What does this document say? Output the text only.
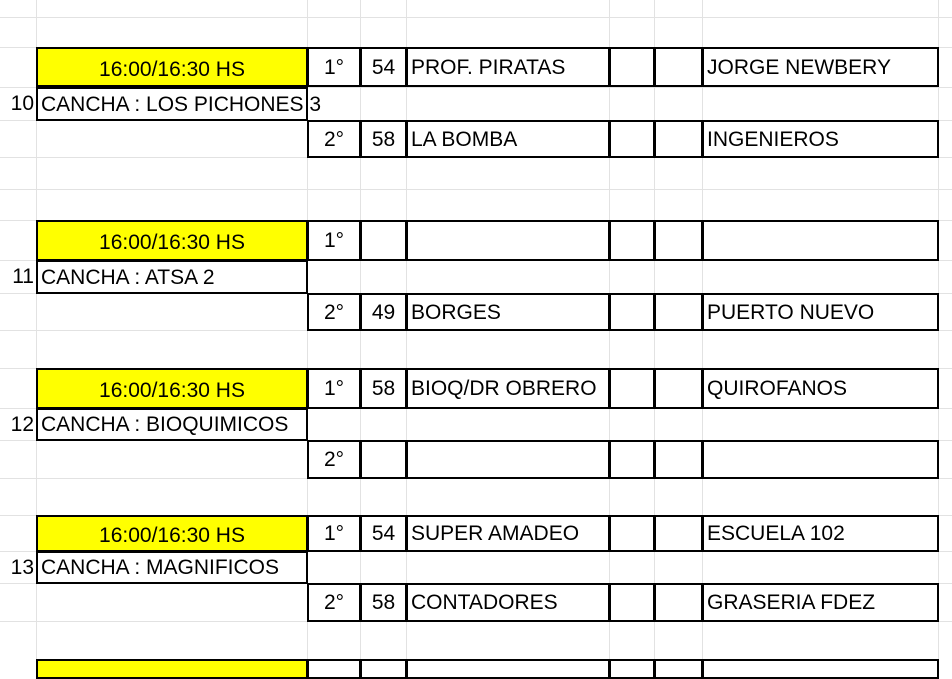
16:00/16:30 HS	1°	54 PROF. PIRATAS	JORGE NEWBERY
10 CANCHA : LOS PICHONES 3
2°	58 LA BOMBA	INGENIEROS
16:00/16:30 HS	1°
11 CANCHA : ATSA 2
2°	49 BORGES	PUERTO NUEVO
16:00/16:30 HS	1°	58 BIOQ/DR OBRERO	QUIROFANOS
12 CANCHA : BIOQUIMICOS
2°
16:00/16:30 HS	1°	54 SUPER AMADEO	ESCUELA 102
13 CANCHA : MAGNIFICOS
2°	58 CONTADORES	GRASERIA FDEZ
